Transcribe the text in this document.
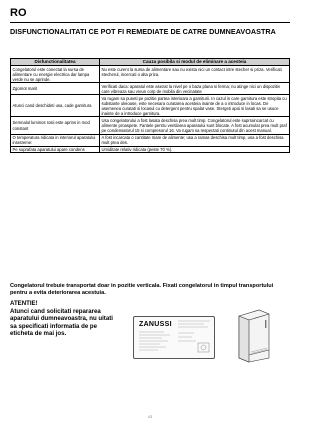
RO
DISFUNCTIONALITATI CE POT FI REMEDIATE DE CATRE DUMNEAVOASTRA
Disfunctionalitatea	Cauza posibila si modul de eliminare a acesteia
Congelatorul este conectat la sursa de alimentare cu energie electrica dar lampa verde nu se aprinde.	Nu este curent la sursa de alimentare sau nu exista nici un contact intre stecher si priza. Verificati stecherul, incercati o alta priza.
Zgomot marit	Verificati daca: aparatul este asezat la nivel pe o baza plana si ferma; nu atinge nici un dispozitiv care vibreaza sau vreun corp de mobila din vecinatate
Atunci cand deschideti usa, cade garnitura	Va rugam sa puneti pe pozitie partea interioara a garniturii. In cazul in care garnitura este stropita cu substante uleioase, este necesara curatarea acesteia inainte de a o introduce in locas. De asemenea curatati si locasul cu detergent pentru spalat vase. Stergeti apoi si lasati sa se usuce inainte de a introduce garnitura.
Semnalul luminos rosii este aprins in mod constant	Usa congelatorului a fost lasata deschisa prea mult timp. Congelatorul este suprraincarcat cu alimente proaspete. Fantele pentru ventilarea aparatului sunt blocate. A fost acumulat prea mult praf pe condensatorul 15 si compresorul 16. Va rugam sa respectati continutul din acest manual.
O temperatura ridicata in interiorul aparatului inrasreme:	A fost incarcata o cantitate mare de alimente; usa a ramas deschisa mult timp, usa a fost deschisa mult prea des.
Pe suprafata aparatului apare condens	Umiditate relativ ridicata (peste 70 %).
Congelatorul trebuie transportat doar in pozitie verticala. Fixati congelatorul in timpul transportului pentru a evita deteriorarea acestuia.
ATENTIE!
Atunci cand solicitati repararea aparatului dumneavoastra, nu uitati sa specificati informatia de pe eticheta de mai jos.
ZANUSSI
43
